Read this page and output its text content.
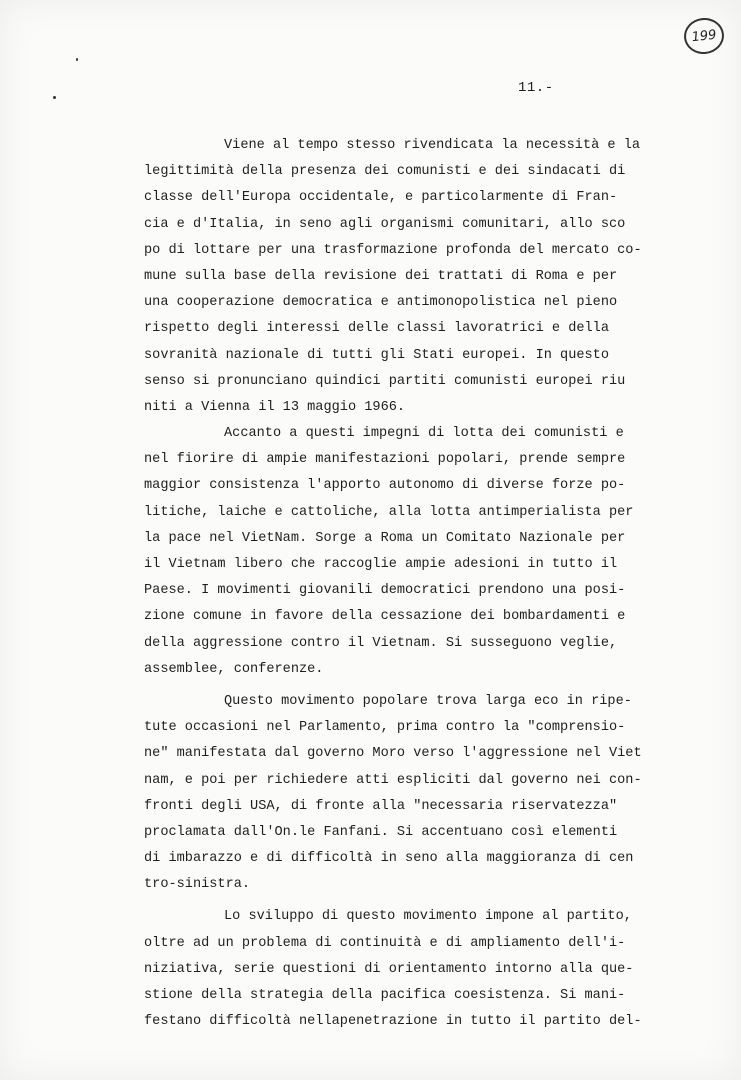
199
11.-
Viene al tempo stesso rivendicata la necessità e la
legittimità della presenza dei comunisti e dei sindacati di
classe dell'Europa occidentale, e particolarmente di Fran-
cia e d'Italia, in seno agli organismi comunitari, allo sco
po di lottare per una trasformazione profonda del mercato co-
mune sulla base della revisione dei trattati di Roma e per
una cooperazione democratica e antimonopolistica nel pieno
rispetto degli interessi delle classi lavoratrici e della
sovranità nazionale di tutti gli Stati europei. In questo
senso si pronunciano quindici partiti comunisti europei riu
niti a Vienna il 13 maggio 1966.
Accanto a questi impegni di lotta dei comunisti e
nel fiorire di ampie manifestazioni popolari, prende sempre
maggior consistenza l'apporto autonomo di diverse forze po-
litiche, laiche e cattoliche, alla lotta antimperialista per
la pace nel VietNam. Sorge a Roma un Comitato Nazionale per
il Vietnam libero che raccoglie ampie adesioni in tutto il
Paese. I movimenti giovanili democratici prendono una posi-
zione comune in favore della cessazione dei bombardamenti e
della aggressione contro il Vietnam. Si susseguono veglie,
assemblee, conferenze.
Questo movimento popolare trova larga eco in ripe-
tute occasioni nel Parlamento, prima contro la "comprensio-
ne" manifestata dal governo Moro verso l'aggressione nel Viet
nam, e poi per richiedere atti espliciti dal governo nei con-
fronti degli USA, di fronte alla "necessaria riservatezza"
proclamata dall'On.le Fanfani. Si accentuano così elementi
di imbarazzo e di difficoltà in seno alla maggioranza di cen
tro-sinistra.
Lo sviluppo di questo movimento impone al partito,
oltre ad un problema di continuità e di ampliamento dell'i-
niziativa, serie questioni di orientamento intorno alla que-
stione della strategia della pacifica coesistenza. Si mani-
festano difficoltà nellapenetrazione in tutto il partito del-
